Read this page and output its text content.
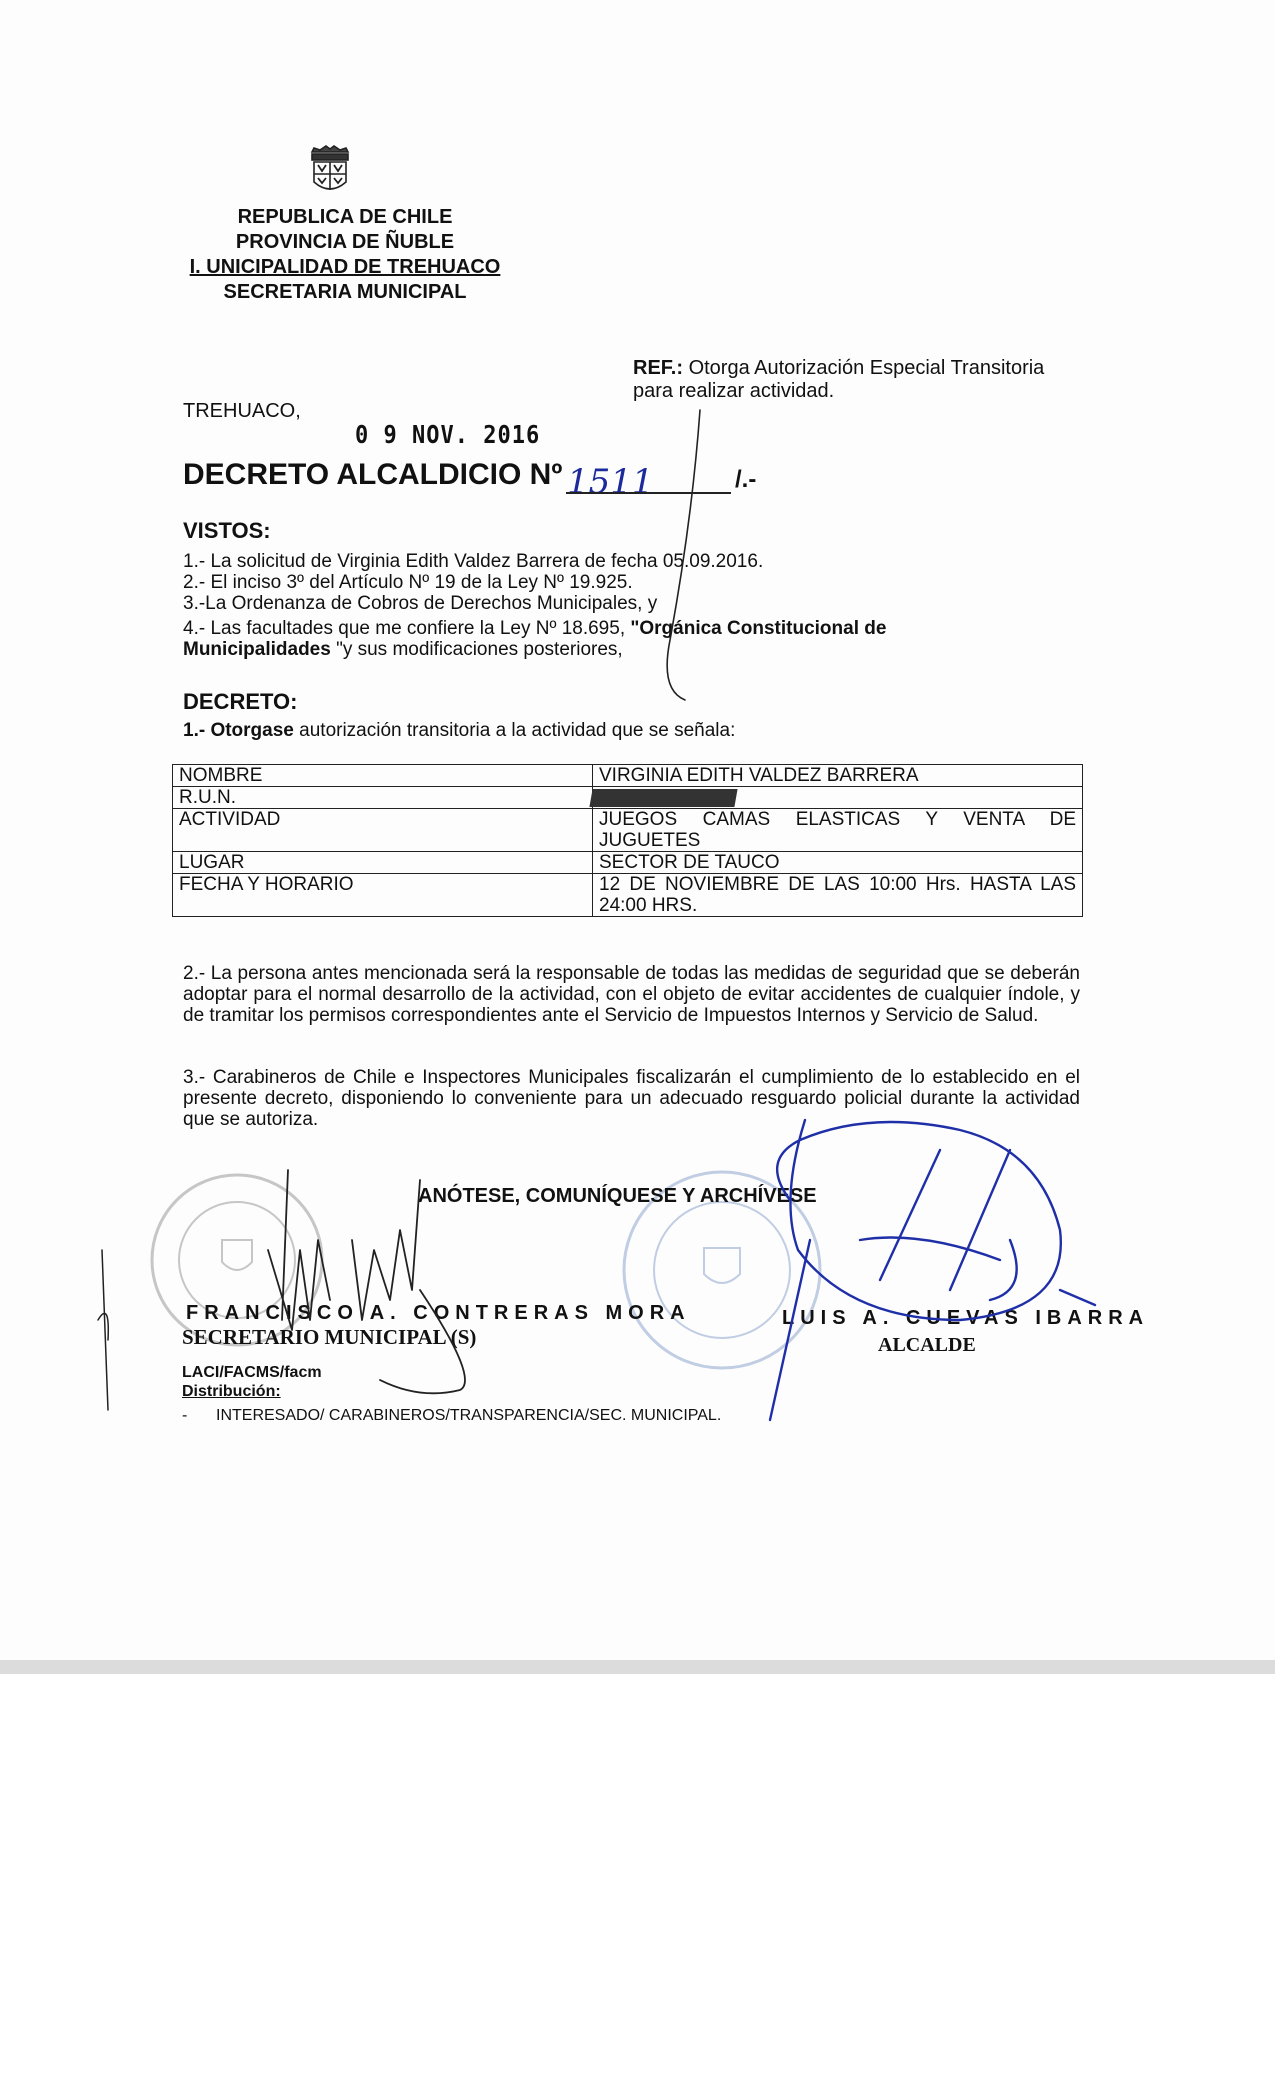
REPUBLICA DE CHILE
PROVINCIA DE ÑUBLE
I. UNICIPALIDAD DE TREHUACO
SECRETARIA MUNICIPAL
REF.: Otorga Autorización Especial Transitoria
para realizar actividad.
TREHUACO,
0 9 NOV. 2016
DECRETO ALCALDICIO Nº 1511	/.-
VISTOS:
1.- La solicitud de Virginia Edith Valdez Barrera de fecha 05.09.2016.
2.- El inciso 3º del Artículo Nº 19 de la Ley Nº 19.925.
3.-La Ordenanza de Cobros de Derechos Municipales, y
4.- Las facultades que me confiere la Ley Nº 18.695, "Orgánica Constitucional de
Municipalidades "y sus modificaciones posteriores,
DECRETO:
1.- Otorgase autorización transitoria a la actividad que se señala:
NOMBRE	VIRGINIA EDITH VALDEZ BARRERA
R.U.N.	
ACTIVIDAD	JUEGOS CAMAS ELASTICAS Y VENTA DE JUGUETES
LUGAR	SECTOR DE TAUCO
FECHA Y HORARIO	12 DE NOVIEMBRE DE LAS 10:00 Hrs. HASTA LAS 24:00 HRS.
2.- La persona antes mencionada será la responsable de todas las medidas de seguridad que se deberán adoptar para el normal desarrollo de la actividad, con el objeto de evitar accidentes de cualquier índole, y de tramitar los permisos correspondientes ante el Servicio de Impuestos Internos y Servicio de Salud.
3.- Carabineros de Chile e Inspectores Municipales fiscalizarán el cumplimiento de lo establecido en el presente decreto, disponiendo lo conveniente para un adecuado resguardo policial durante la actividad que se autoriza.
ANÓTESE, COMUNÍQUESE Y ARCHÍVESE
FRANCISCO A. CONTRERAS MORA
SECRETARIO MUNICIPAL (S)
LUIS A. CUEVAS IBARRA
ALCALDE
LACI/FACMS/facm
Distribución:
- INTERESADO/ CARABINEROS/TRANSPARENCIA/SEC. MUNICIPAL.
